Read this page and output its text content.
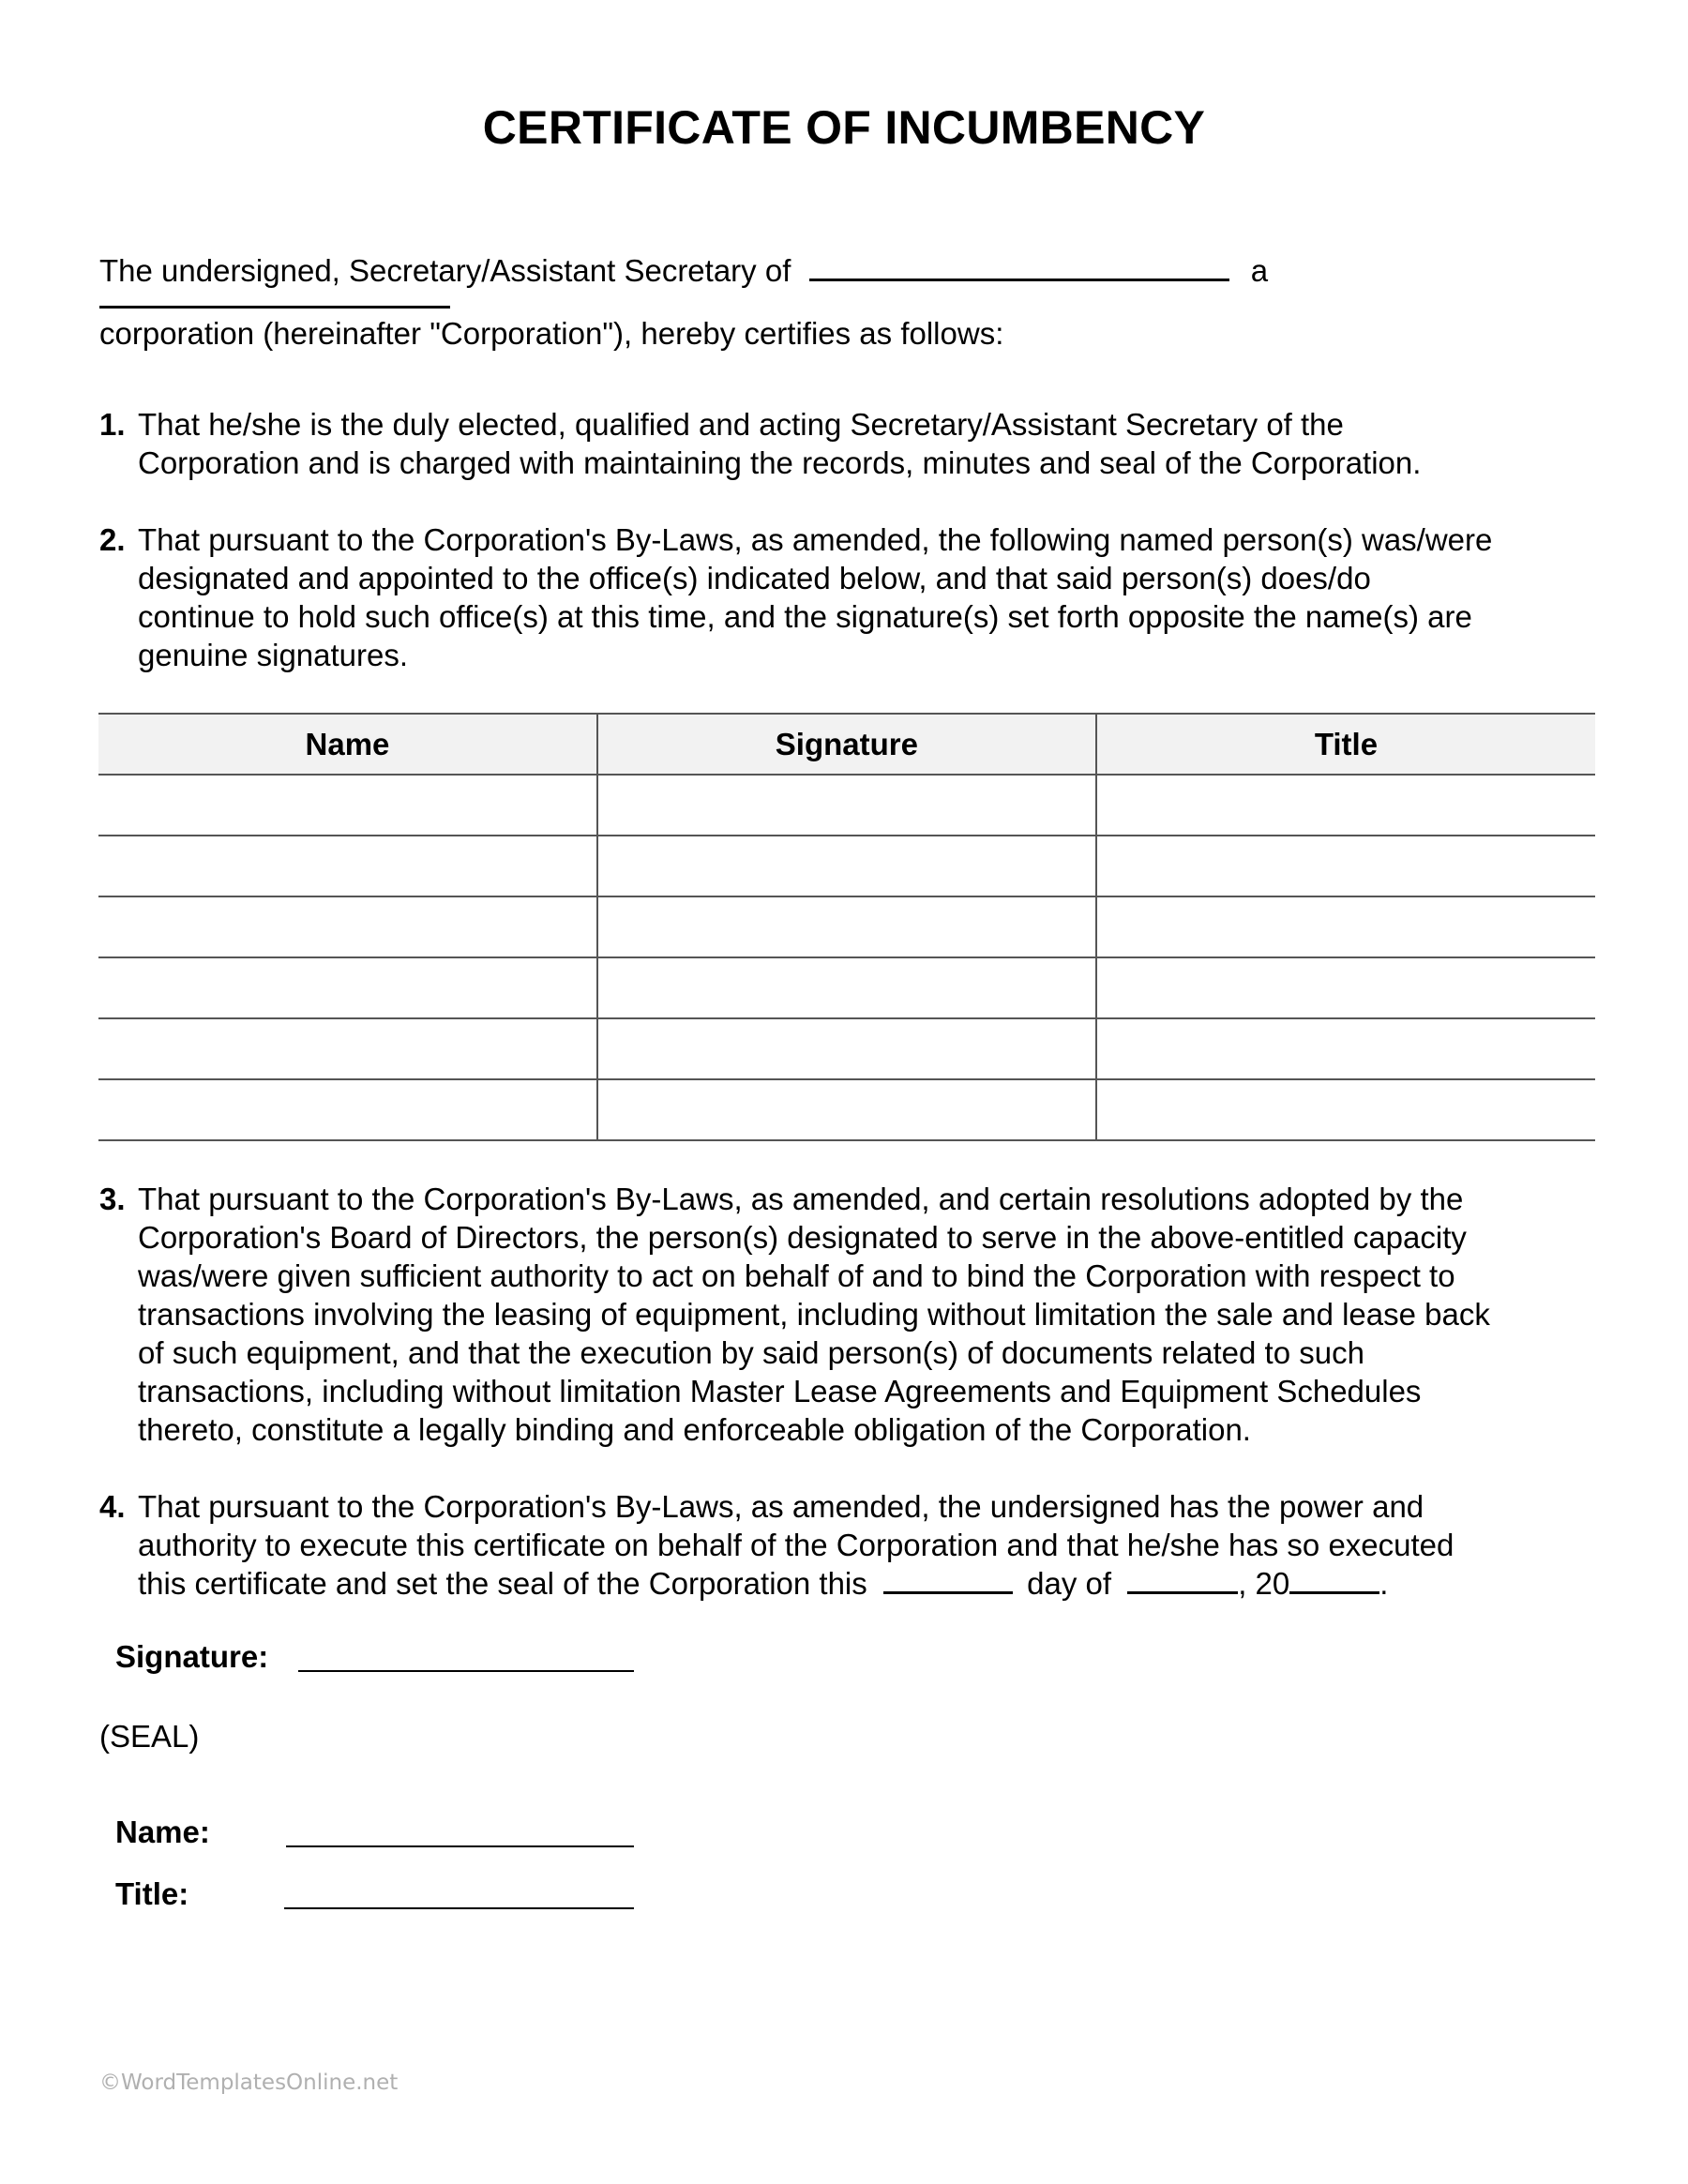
CERTIFICATE OF INCUMBENCY
The undersigned, Secretary/Assistant Secretary of	a
corporation (hereinafter "Corporation"), hereby certifies as follows:
1. That he/she is the duly elected, qualified and acting Secretary/Assistant Secretary of the
Corporation and is charged with maintaining the records, minutes and seal of the Corporation.
2. That pursuant to the Corporation's By-Laws, as amended, the following named person(s) was/were
designated and appointed to the office(s) indicated below, and that said person(s) does/do
continue to hold such office(s) at this time, and the signature(s) set forth opposite the name(s) are
genuine signatures.
Name	Signature	Title

3. That pursuant to the Corporation's By-Laws, as amended, and certain resolutions adopted by the
Corporation's Board of Directors, the person(s) designated to serve in the above-entitled capacity
was/were given sufficient authority to act on behalf of and to bind the Corporation with respect to
transactions involving the leasing of equipment, including without limitation the sale and lease back
of such equipment, and that the execution by said person(s) of documents related to such
transactions, including without limitation Master Lease Agreements and Equipment Schedules
thereto, constitute a legally binding and enforceable obligation of the Corporation.
4. That pursuant to the Corporation's By-Laws, as amended, the undersigned has the power and
authority to execute this certificate on behalf of the Corporation and that he/she has so executed
this certificate and set the seal of the Corporation this	day of	, 20	.
Signature:
Name:
Title:
(SEAL)
©WordTemplatesOnline.net
